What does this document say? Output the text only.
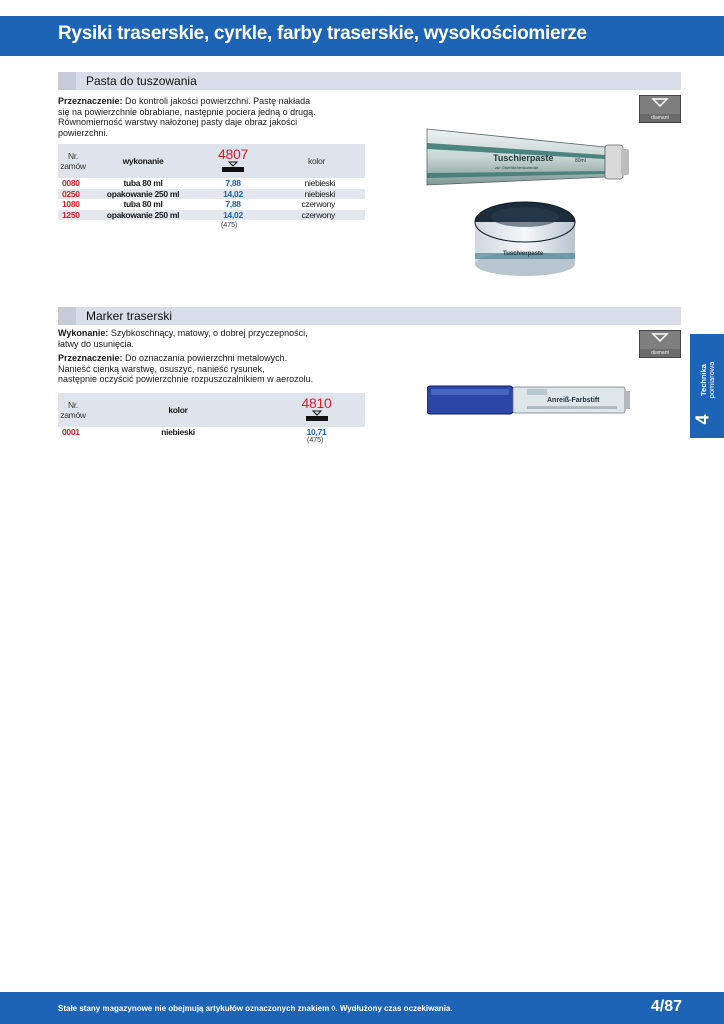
Rysiki traserskie, cyrkle, farby traserskie, wysokościomierze
Pasta do tuszowania
Przeznaczenie: Do kontroli jakości powierzchni. Pastę nakłada
się na powierzchnie obrabiane, następnie pociera jedną o drugą.
Równomierność warstwy nałożonej pasty daje obraz jakości
powierzchni.
Nr.
zamów	wykonanie	4807	kolor
0080	tuba 80 ml	7,88	niebieski
0250	opakowanie 250 ml	14,02	niebieski
1080	tuba 80 ml	7,88	czerwony
1250	opakowanie 250 ml	14,02	czerwony
(475)
diamant
Tuschierpaste	80ml
zur Oberflächenkontrolle
Tuschierpaste
Marker traserski
Wykonanie: Szybkoschnący, matowy, o dobrej przyczepności,
łatwy do usunięcia.
Przeznaczenie: Do oznaczania powierzchni metalowych.
Nanieść cienką warstwę, osuszyć, nanieść rysunek,
następnie oczyścić powierzchnie rozpuszczalnikiem w aerozolu.
Nr.
zamów	kolor	4810

0001	niebieski	10,71
(475)
diamant
Anreiß-Farbstift
Technika pomiarowa
4
Stałe stany magazynowe nie obejmują artykułów oznaczonych znakiem ◊. Wydłużony czas oczekiwania.	4/87
